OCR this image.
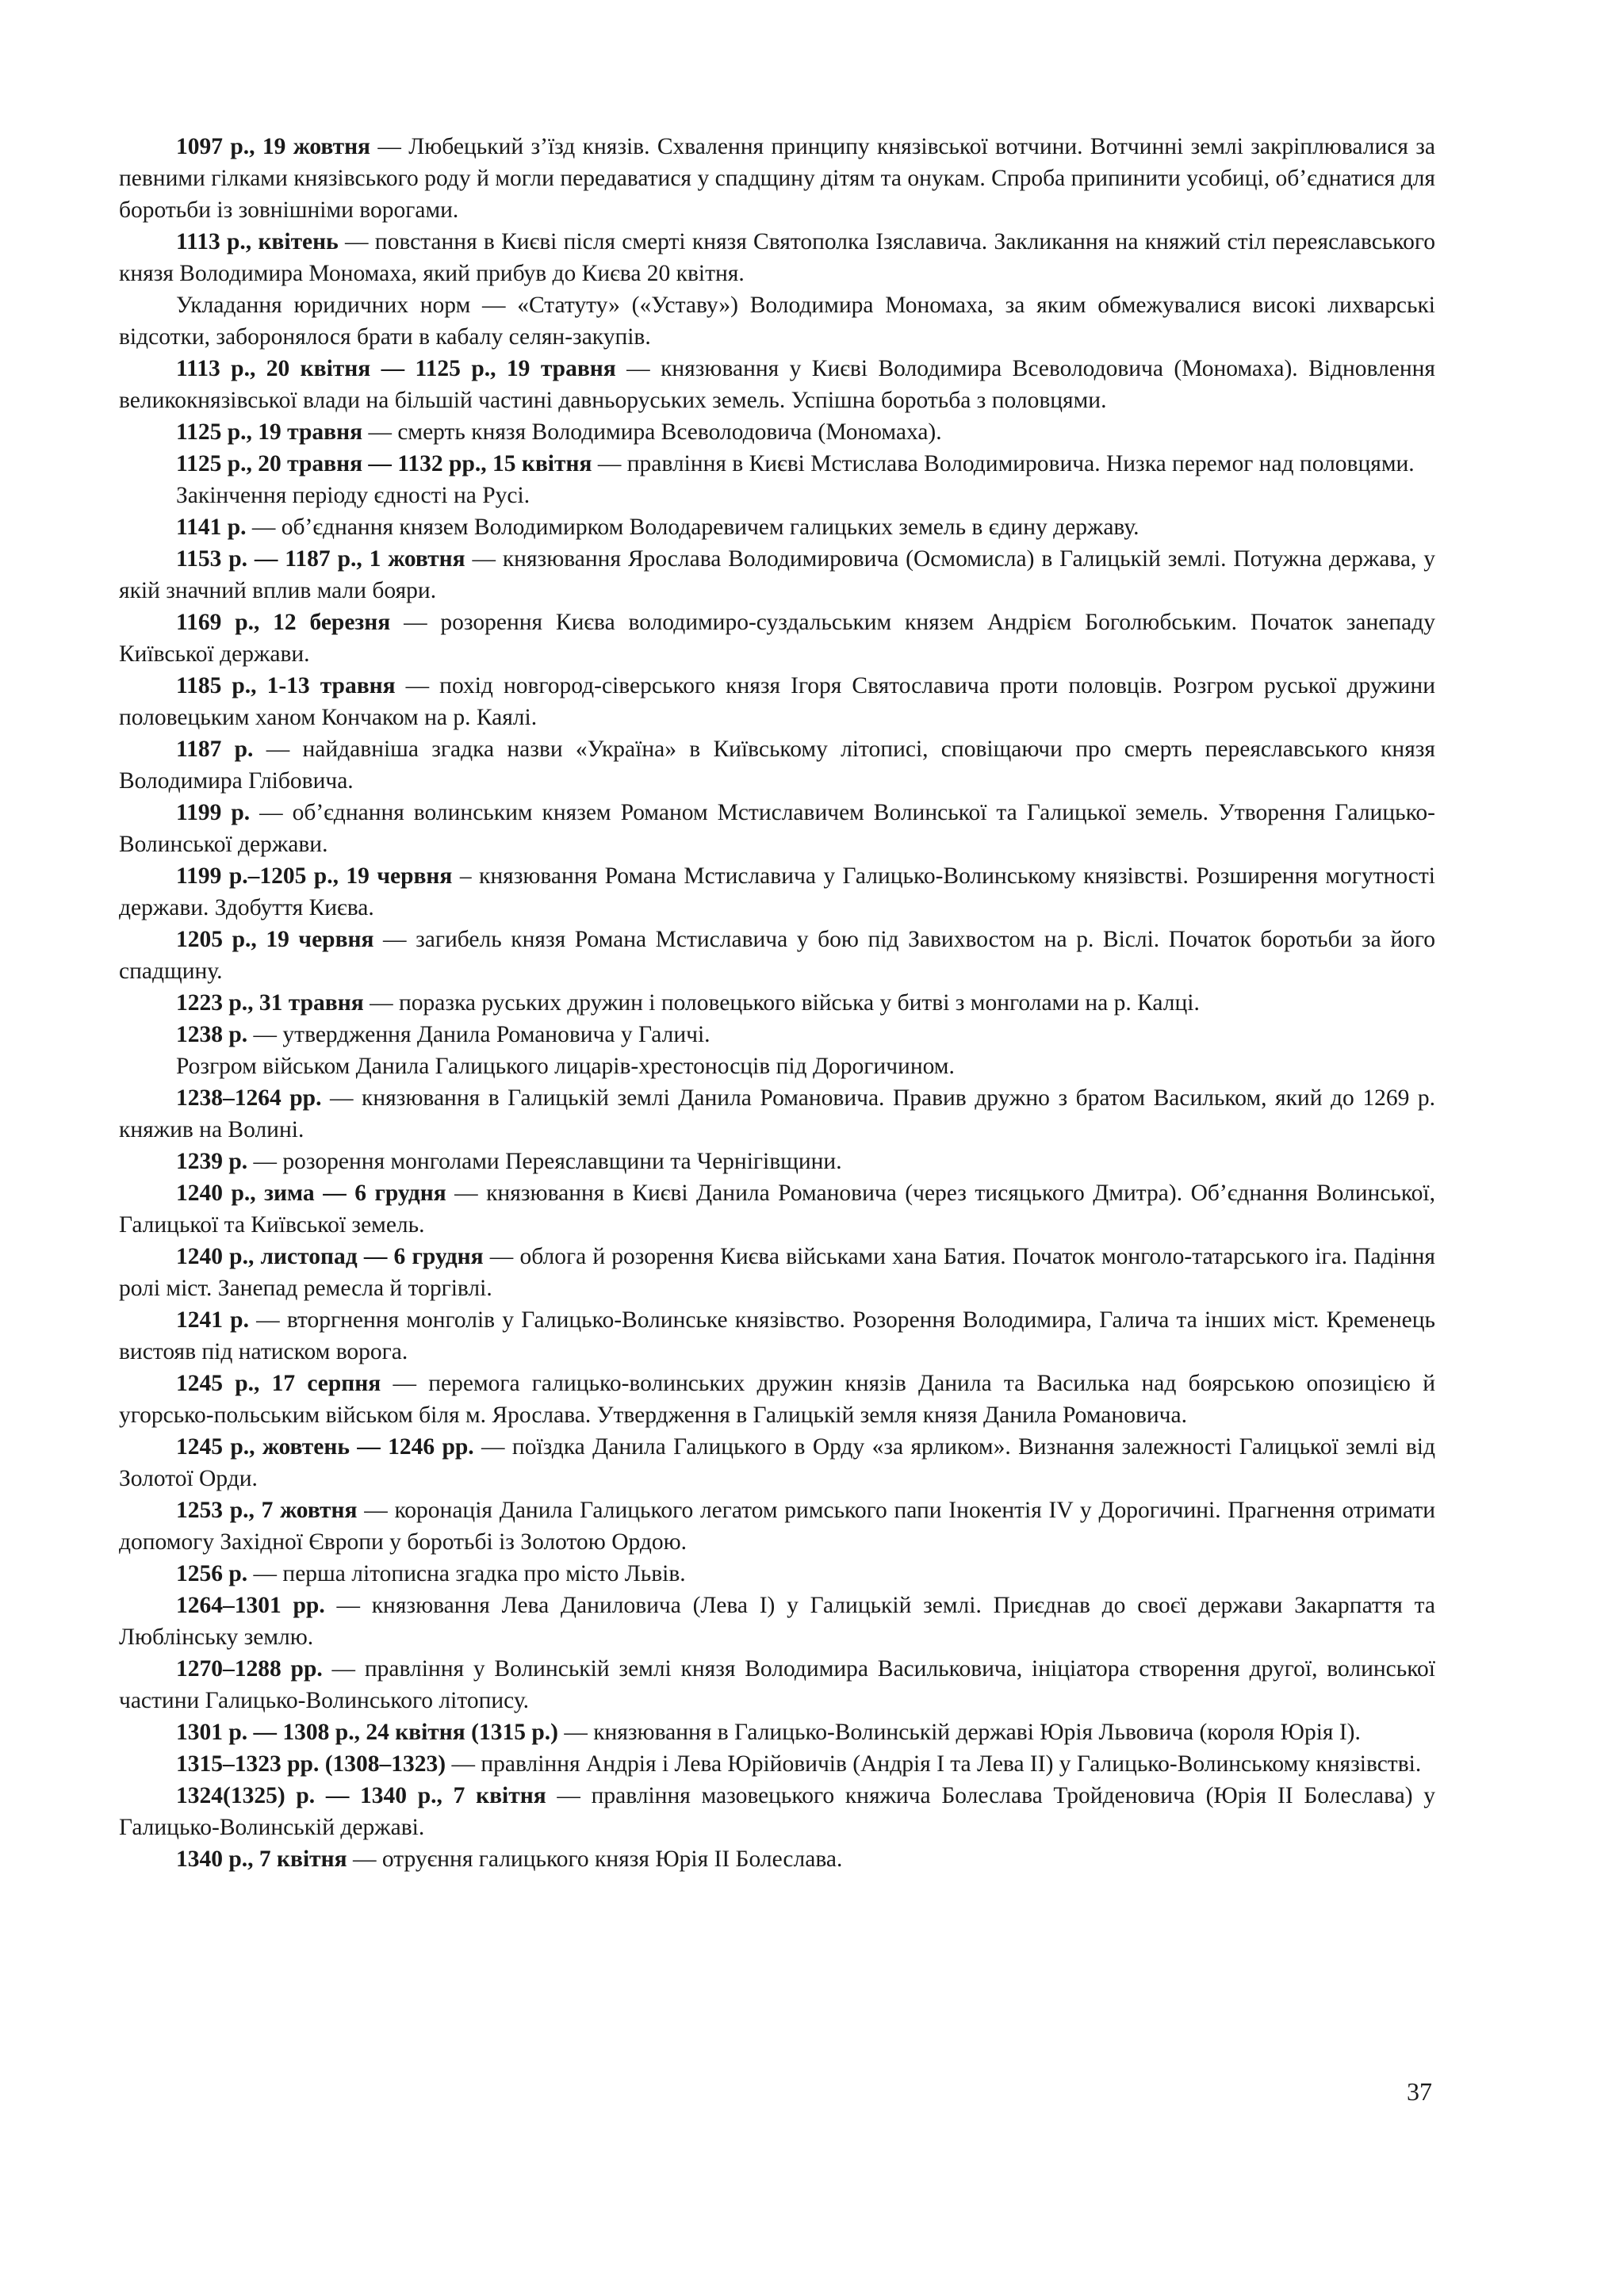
1097 р., 19 жовтня — Любецький з’їзд князів. Схвалення принципу князівської вотчини. Вотчинні землі закріплювалися за певними гілками князівського роду й могли передаватися у спадщину дітям та онукам. Спроба припинити усобиці, об’єднатися для боротьби із зовнішніми ворогами.

1113 р., квітень — повстання в Києві після смерті князя Святополка Ізяславича. Закликання на княжий стіл переяславського князя Володимира Мономаха, який прибув до Києва 20 квітня.

Укладання юридичних норм — «Статуту» («Уставу») Володимира Мономаха, за яким обмежувалися високі лихварські відсотки, заборонялося брати в кабалу селян-закупів.

1113 р., 20 квітня — 1125 р., 19 травня — князювання у Києві Володимира Всеволодовича (Мономаха). Відновлення великокнязівської влади на більшій частині давньоруських земель. Успішна боротьба з половцями.

1125 р., 19 травня — смерть князя Володимира Всеволодовича (Мономаха).

1125 р., 20 травня — 1132 рр., 15 квітня — правління в Києві Мстислава Володимировича. Низка перемог над половцями.

Закінчення періоду єдності на Русі.

1141 р. — об’єднання князем Володимирком Володаревичем галицьких земель в єдину державу.

1153 р. — 1187 р., 1 жовтня — князювання Ярослава Володимировича (Осмомисла) в Галицькій землі. Потужна держава, у якій значний вплив мали бояри.

1169 р., 12 березня — розорення Києва володимиро-суздальським князем Андрієм Боголюбським. Початок занепаду Київської держави.

1185 р., 1-13 травня — похід новгород-сіверського князя Ігоря Святославича проти половців. Розгром руської дружини половецьким ханом Кончаком на р. Каялі.

1187 р. — найдавніша згадка назви «Україна» в Київському літописі, сповіщаючи про смерть переяславського князя Володимира Глібовича.

1199 р. — об’єднання волинським князем Романом Мстиславичем Волинської та Галицької земель. Утворення Галицько-Волинської держави.

1199 р.–1205 р., 19 червня – князювання Романа Мстиславича у Галицько-Волинському князівстві. Розширення могутності держави. Здобуття Києва.

1205 р., 19 червня — загибель князя Романа Мстиславича у бою під Завихвостом на р. Віслі. Початок боротьби за його спадщину.

1223 р., 31 травня — поразка руських дружин і половецького війська у битві з монголами на р. Калці.

1238 р. — утвердження Данила Романовича у Галичі.

Розгром військом Данила Галицького лицарів-хрестоносців під Дорогичином.

1238–1264 рр. — князювання в Галицькій землі Данила Романовича. Правив дружно з братом Васильком, який до 1269 р. княжив на Волині.

1239 р. — розорення монголами Переяславщини та Чернігівщини.

1240 р., зима — 6 грудня — князювання в Києві Данила Романовича (через тисяцького Дмитра). Об’єднання Волинської, Галицької та Київської земель.

1240 р., листопад — 6 грудня — облога й розорення Києва військами хана Батия. Початок монголо-татарського іга. Падіння ролі міст. Занепад ремесла й торгівлі.

1241 р. — вторгнення монголів у Галицько-Волинське князівство. Розорення Володимира, Галича та інших міст. Кременець вистояв під натиском ворога.

1245 р., 17 серпня — перемога галицько-волинських дружин князів Данила та Василька над боярською опозицією й угорсько-польським військом біля м. Ярослава. Утвердження в Галицькій земля князя Данила Романовича.

1245 р., жовтень — 1246 рр. — поїздка Данила Галицького в Орду «за ярликом». Визнання залежності Галицької землі від Золотої Орди.

1253 р., 7 жовтня — коронація Данила Галицького легатом римського папи Інокентія IV у Дорогичині. Прагнення отримати допомогу Західної Європи у боротьбі із Золотою Ордою.

1256 р. — перша літописна згадка про місто Львів.

1264–1301 рр. — князювання Лева Даниловича (Лева I) у Галицькій землі. Приєднав до своєї держави Закарпаття та Люблінську землю.

1270–1288 рр. — правління у Волинській землі князя Володимира Васильковича, ініціатора створення другої, волинської частини Галицько-Волинського літопису.

1301 р. — 1308 р., 24 квітня (1315 р.) — князювання в Галицько-Волинській державі Юрія Львовича (короля Юрія I).

1315–1323 рр. (1308–1323) — правління Андрія і Лева Юрійовичів (Андрія I та Лева II) у Галицько-Волинському князівстві.

1324(1325) р. — 1340 р., 7 квітня — правління мазовецького княжича Болеслава Тройденовича (Юрія II Болеслава) у Галицько-Волинській державі.

1340 р., 7 квітня — отруєння галицького князя Юрія II Болеслава.

37
